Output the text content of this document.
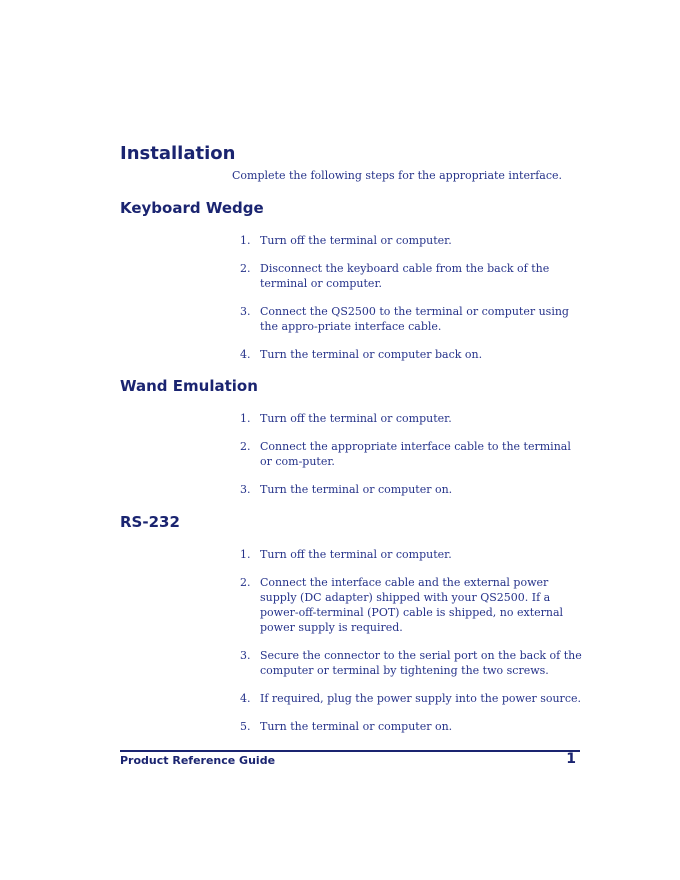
Installation

Complete the following steps for the appropriate interface.

Keyboard Wedge
1. Turn off the terminal or computer.
2. Disconnect the keyboard cable from the back of the terminal or computer.
3. Connect the QS2500 to the terminal or computer using the appro-priate interface cable.
4. Turn the terminal or computer back on.
Wand Emulation
1. Turn off the terminal or computer.
2. Connect the appropriate interface cable to the terminal or com-puter.
3. Turn the terminal or computer on.
RS-232
1. Turn off the terminal or computer.
2. Connect the interface cable and the external power supply (DC adapter) shipped with your QS2500. If a power-off-terminal (POT) cable is shipped, no external power supply is required.
3. Secure the connector to the serial port on the back of the computer or terminal by tightening the two screws.
4. If required, plug the power supply into the power source.
5. Turn the terminal or computer on.
Product Reference Guide	1
